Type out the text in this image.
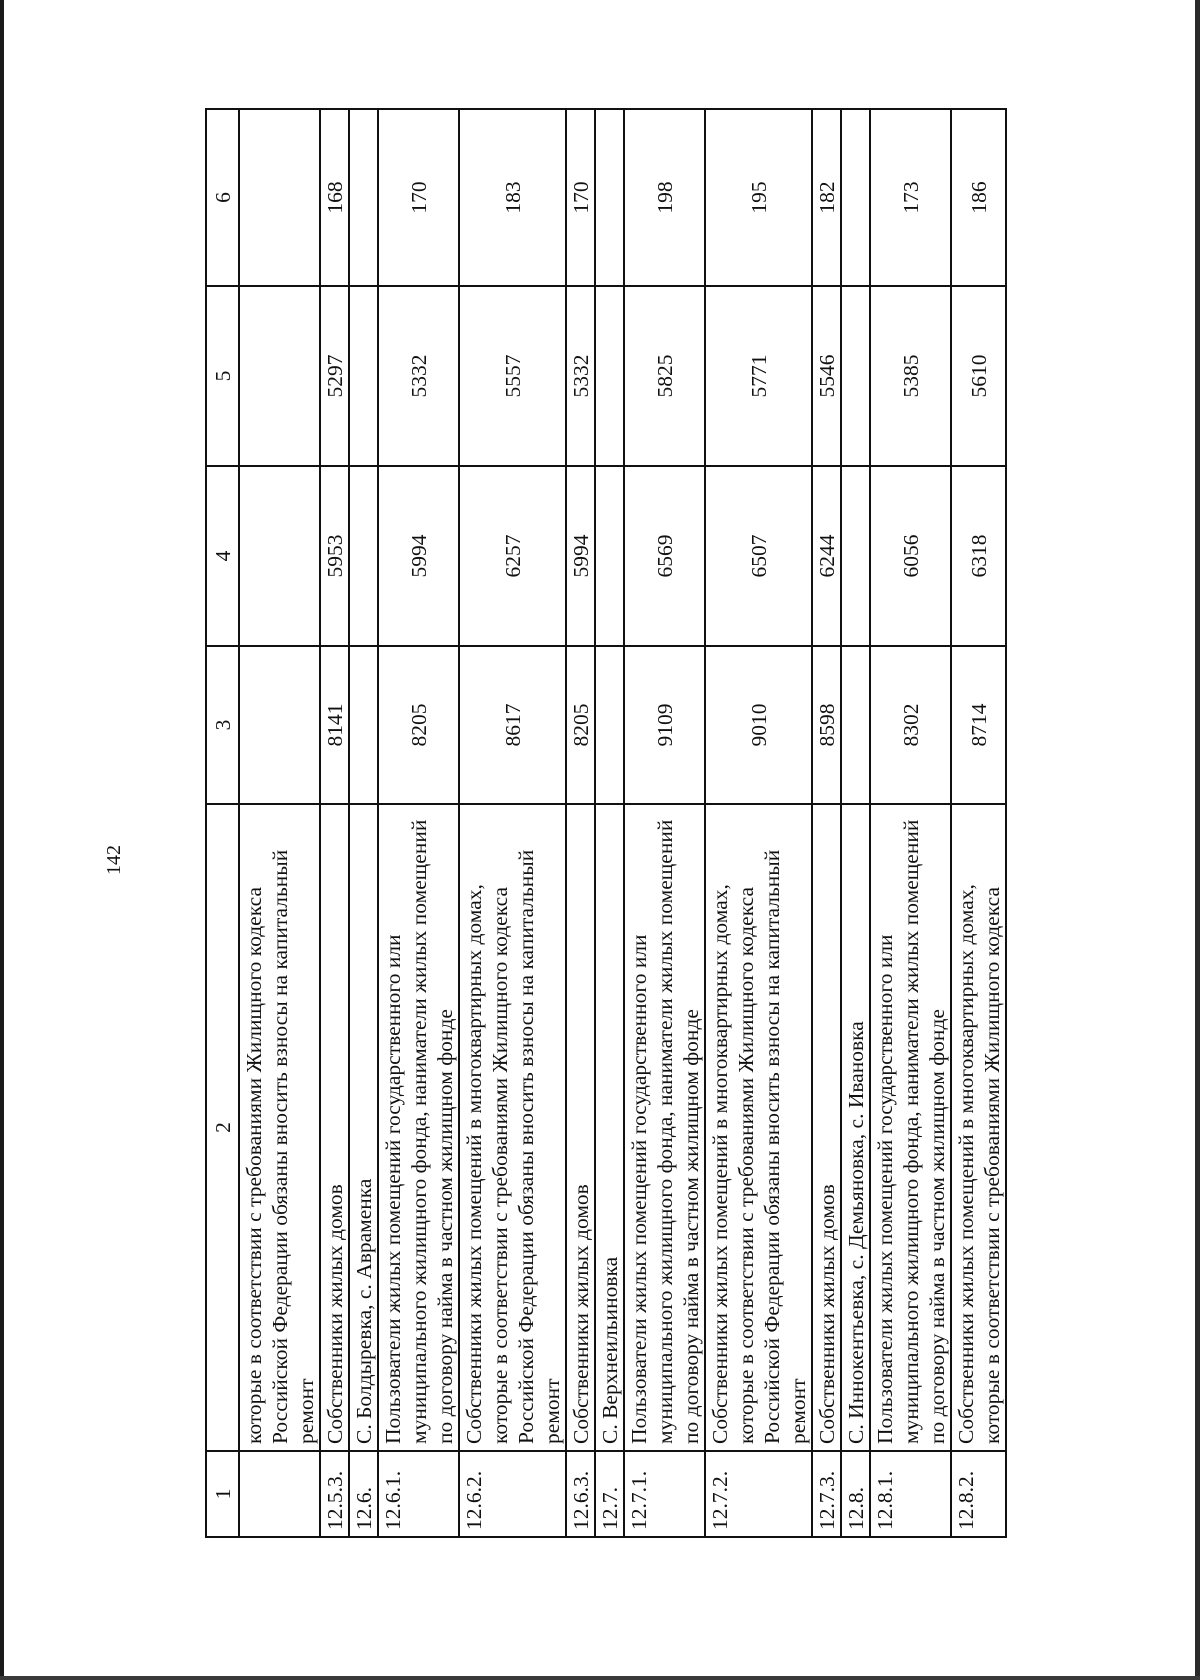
142
1	2	3	4	5	6
	которые в соответствии с требованиями Жилищного кодекса Российской Федерации обязаны вносить взносы на капитальный ремонт				
12.5.3.	Собственники жилых домов	8141	5953	5297	168
12.6.	С. Болдыревка, с. Авраменка				
12.6.1.	Пользователи жилых помещений государственного или муниципального жилищного фонда, наниматели жилых помещений по договору найма в частном жилищном фонде	8205	5994	5332	170
12.6.2.	Собственники жилых помещений в многоквартирных домах, которые в соответствии с требованиями Жилищного кодекса Российской Федерации обязаны вносить взносы на капитальный ремонт	8617	6257	5557	183
12.6.3.	Собственники жилых домов	8205	5994	5332	170
12.7.	С. Верхнеильиновка				
12.7.1.	Пользователи жилых помещений государственного или муниципального жилищного фонда, наниматели жилых помещений по договору найма в частном жилищном фонде	9109	6569	5825	198
12.7.2.	Собственники жилых помещений в многоквартирных домах, которые в соответствии с требованиями Жилищного кодекса Российской Федерации обязаны вносить взносы на капитальный ремонт	9010	6507	5771	195
12.7.3.	Собственники жилых домов	8598	6244	5546	182
12.8.	С. Иннокентьевка, с. Демьяновка, с. Ивановка				
12.8.1.	Пользователи жилых помещений государственного или муниципального жилищного фонда, наниматели жилых помещений по договору найма в частном жилищном фонде	8302	6056	5385	173
12.8.2.	Собственники жилых помещений в многоквартирных домах, которые в соответствии с требованиями Жилищного кодекса	8714	6318	5610	186
